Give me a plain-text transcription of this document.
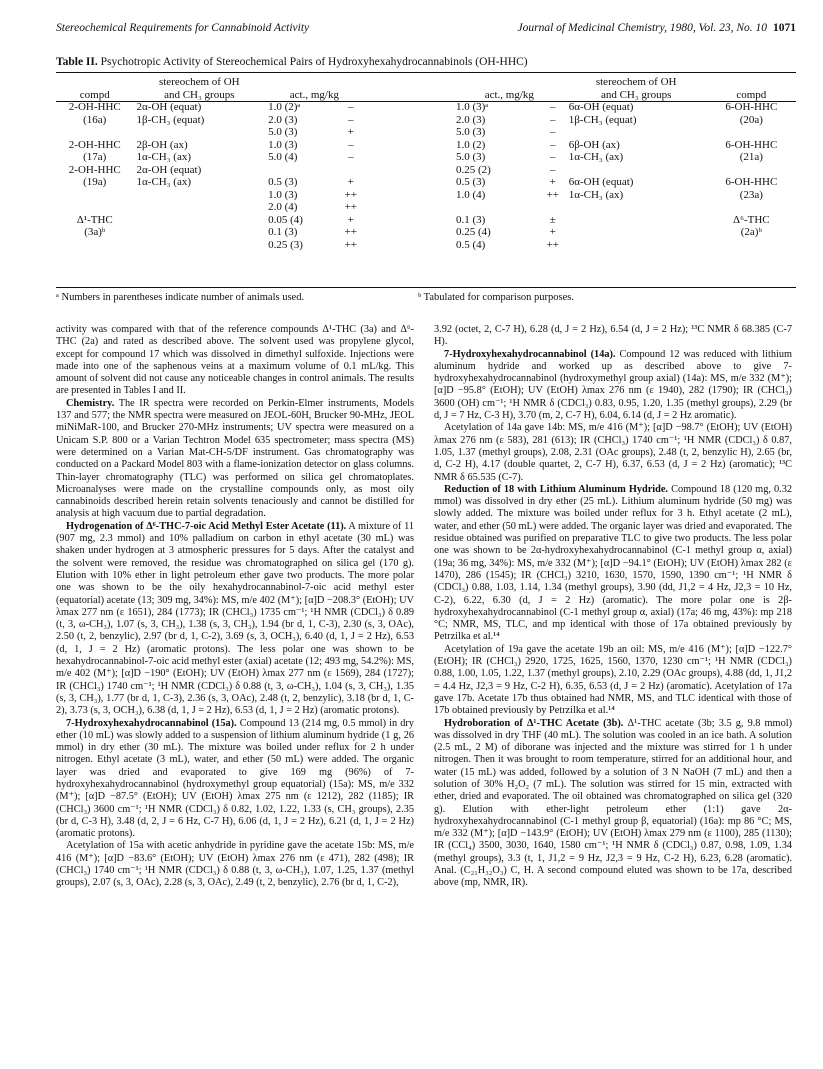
Stereochemical Requirements for Cannabinoid Activity	Journal of Medicinal Chemistry, 1980, Vol. 23, No. 10 1071
Table II. Psychotropic Activity of Stereochemical Pairs of Hydroxyhexahydrocannabinols (OH-HHC)
compd	stereochem of OH
and CH₃ groups	act., mg/kg			act., mg/kg		stereochem of OH
and CH₃ groups	compd
2-OH-HHC	2α-OH (equat)	1.0 (2)ᵃ	–		1.0 (3)ᵃ	–	6α-OH (equat)	6-OH-HHC
(16a)	1β-CH₃ (equat)	2.0 (3)	–		2.0 (3)	–	1β-CH₃ (equat)	(20a)
		5.0 (3)	+		5.0 (3)	–		
2-OH-HHC	2β-OH (ax)	1.0 (3)	–		1.0 (2)	–	6β-OH (ax)	6-OH-HHC
(17a)	1α-CH₃ (ax)	5.0 (4)	–		5.0 (3)	–	1α-CH₃ (ax)	(21a)
2-OH-HHC	2α-OH (equat)				0.25 (2)	–		
(19a)	1α-CH₃ (ax)	0.5 (3)	+		0.5 (3)	+	6α-OH (equat)	6-OH-HHC
		1.0 (3)	++		1.0 (4)	++	1α-CH₃ (ax)	(23a)
		2.0 (4)	++					
Δ¹-THC		0.05 (4)	+		0.1 (3)	±		Δ⁶-THC
(3a)ᵇ		0.1 (3)	++		0.25 (4)	+		(2a)ᵇ
		0.25 (3)	++		0.5 (4)	++		
ᵃ Numbers in parentheses indicate number of animals used.	ᵇ Tabulated for comparison purposes.

activity was compared with that of the reference compounds Δ¹-THC (3a) and Δ⁶-THC (2a) and rated as described above. The solvent used was propylene glycol, except for compound 17 which was dissolved in dimethyl sulfoxide. Injections were made into one of the saphenous veins at a maximum volume of 0.1 mL/kg. This amount of solvent did not cause any noticeable changes in control animals. The results are presented in Tables I and II.

Chemistry. The IR spectra were recorded on Perkin-Elmer instruments, Models 137 and 577; the NMR spectra were measured on JEOL-60H, Brucker 90-MHz, JEOL miNiMaR-100, and Brucker 270-MHz instruments; UV spectra were measured on a Unicam S.P. 800 or a Varian Techtron Model 635 spectrometer; mass spectra (MS) were determined on a Varian Mat-CH-5/DF instrument. Gas chromatography was conducted on a Packard Model 803 with a flame-ionization detector on glass columns. Thin-layer chromatography (TLC) was performed on silica gel chromatoplates. Microanalyses were made on the crystalline compounds only, as most oily cannabinoids described herein retain solvents tenaciously and cannot be distilled for analysis at high vacuum due to partial degradation.

Hydrogenation of Δ⁶-THC-7-oic Acid Methyl Ester Acetate (11). A mixture of 11 (907 mg, 2.3 mmol) and 10% palladium on carbon in ethyl acetate (30 mL) was shaken under hydrogen at 3 atmospheric pressures for 5 days. After the catalyst and the solvent were removed, the residue was chromatographed on silica gel (170 g). Elution with 10% ether in light petroleum ether gave two products. The more polar one was shown to be the oily hexahydrocannabinol-7-oic acid methyl ester (equatorial) acetate (13; 309 mg, 34%): MS, m/e 402 (M⁺); [α]D −208.3° (EtOH); UV λmax 277 nm (ε 1651), 284 (1773); IR (CHCl₃) 1735 cm⁻¹; ¹H NMR (CDCl₃) δ 0.89 (t, 3, ω-CH₃), 1.07 (s, 3, CH₃), 1.38 (s, 3, CH₃), 1.94 (br d, 1, C-3), 2.30 (s, 3, OAc), 2.50 (t, 2, benzylic), 2.97 (br d, 1, C-2), 3.69 (s, 3, OCH₃), 6.40 (d, 1, J = 2 Hz), 6.53 (d, 1, J = 2 Hz) (aromatic protons). The less polar one was shown to be hexahydrocannabinol-7-oic acid methyl ester (axial) acetate (12; 493 mg, 54.2%): MS, m/e 402 (M⁺); [α]D −190° (EtOH); UV (EtOH) λmax 277 nm (ε 1569), 284 (1727); IR (CHCl₃) 1740 cm⁻¹; ¹H NMR (CDCl₃) δ 0.88 (t, 3, ω-CH₃), 1.04 (s, 3, CH₃), 1.35 (s, 3, CH₃), 1.77 (br d, 1, C-3), 2.36 (s, 3, OAc), 2.48 (t, 2, benzylic), 3.18 (br d, 1, C-2), 3.73 (s, 3, OCH₃), 6.38 (d, 1, J = 2 Hz), 6.53 (d, 1, J = 2 Hz) (aromatic protons).

7-Hydroxyhexahydrocannabinol (15a). Compound 13 (214 mg, 0.5 mmol) in dry ether (10 mL) was slowly added to a suspension of lithium aluminum hydride (1 g, 26 mmol) in dry ether (30 mL). The mixture was boiled under reflux for 2 h under nitrogen. Ethyl acetate (3 mL), water, and ether (50 mL) were added. The organic layer was dried and evaporated to give 169 mg (96%) of 7-hydroxyhexahydrocannabinol (hydroxymethyl group equatorial) (15a): MS, m/e 332 (M⁺); [α]D −87.5° (EtOH); UV (EtOH) λmax 275 nm (ε 1212), 282 (1185); IR (CHCl₃) 3600 cm⁻¹; ¹H NMR (CDCl₃) δ 0.82, 1.02, 1.22, 1.33 (s, CH₃ groups), 2.35 (br d, C-3 H), 3.48 (d, 2, J = 6 Hz, C-7 H), 6.06 (d, 1, J = 2 Hz), 6.21 (d, 1, J = 2 Hz) (aromatic protons).

Acetylation of 15a with acetic anhydride in pyridine gave the acetate 15b: MS, m/e 416 (M⁺); [α]D −83.6° (EtOH); UV (EtOH) λmax 276 nm (ε 471), 282 (498); IR (CHCl₃) 1740 cm⁻¹; ¹H NMR (CDCl₃) δ 0.88 (t, 3, ω-CH₃), 1.07, 1.25, 1.37 (methyl groups), 2.07 (s, 3, OAc), 2.28 (s, 3, OAc), 2.49 (t, 2, benzylic), 2.76 (br d, 1, C-2),

3.92 (octet, 2, C-7 H), 6.28 (d, J = 2 Hz), 6.54 (d, J = 2 Hz); ¹³C NMR δ 68.385 (C-7 H).

7-Hydroxyhexahydrocannabinol (14a). Compound 12 was reduced with lithium aluminum hydride and worked up as described above to give 7-hydroxyhexahydrocannabinol (hydroxymethyl group axial) (14a): MS, m/e 332 (M⁺); [α]D −95.8° (EtOH); UV (EtOH) λmax 276 nm (ε 1940), 282 (1790); IR (CHCl₃) 3600 (OH) cm⁻¹; ¹H NMR δ (CDCl₃) 0.83, 0.95, 1.20, 1.35 (methyl groups), 2.29 (br d, J = 7 Hz, C-3 H), 3.70 (m, 2, C-7 H), 6.04, 6.14 (d, J = 2 Hz aromatic).

Acetylation of 14a gave 14b: MS, m/e 416 (M⁺); [α]D −98.7° (EtOH); UV (EtOH) λmax 276 nm (ε 583), 281 (613); IR (CHCl₃) 1740 cm⁻¹; ¹H NMR (CDCl₃) δ 0.87, 1.05, 1.37 (methyl groups), 2.08, 2.31 (OAc groups), 2.48 (t, 2, benzylic H), 2.65 (br, d, C-2 H), 4.17 (double quartet, 2, C-7 H), 6.37, 6.53 (d, J = 2 Hz) (aromatic); ¹³C NMR δ 65.535 (C-7).

Reduction of 18 with Lithium Aluminum Hydride. Compound 18 (120 mg, 0.32 mmol) was dissolved in dry ether (25 mL). Lithium aluminum hydride (50 mg) was slowly added. The mixture was boiled under reflux for 3 h. Ethyl acetate (2 mL), water, and ether (50 mL) were added. The organic layer was dried and evaporated. The residue obtained was purified on preparative TLC to give two products. The less polar one was shown to be 2α-hydroxyhexahydrocannabinol (C-1 methyl group α, axial) (19a; 36 mg, 34%): MS, m/e 332 (M⁺); [α]D −94.1° (EtOH); UV (EtOH) λmax 282 (ε 1470), 286 (1545); IR (CHCl₃) 3210, 1630, 1570, 1590, 1390 cm⁻¹; ¹H NMR δ (CDCl₃) 0.88, 1.03, 1.14, 1.34 (methyl groups), 3.90 (dd, J1,2 = 4 Hz, J2,3 = 10 Hz, C-2), 6.22, 6.30 (d, J = 2 Hz) (aromatic). The more polar one is 2β-hydroxyhexahydrocannabinol (C-1 methyl group α, axial) (17a; 46 mg, 43%): mp 218 °C; NMR, MS, TLC, and mp identical with those of 17a obtained previously by Petrzilka et al.¹⁴

Acetylation of 19a gave the acetate 19b an oil: MS, m/e 416 (M⁺); [α]D −122.7° (EtOH); IR (CHCl₃) 2920, 1725, 1625, 1560, 1370, 1230 cm⁻¹; ¹H NMR (CDCl₃) 0.88, 1.00, 1.05, 1.22, 1.37 (methyl groups), 2.10, 2.29 (OAc groups), 4.88 (dd, 1, J1,2 = 4.4 Hz, J2,3 = 9 Hz, C-2 H), 6.35, 6.53 (d, J = 2 Hz) (aromatic). Acetylation of 17a gave 17b. Acetate 17b thus obtained had NMR, MS, and TLC identical with those of 17b obtained previously by Petrzilka et al.¹⁴

Hydroboration of Δ¹-THC Acetate (3b). Δ¹-THC acetate (3b; 3.5 g, 9.8 mmol) was dissolved in dry THF (40 mL). The solution was cooled in an ice bath. A solution (2.5 mL, 2 M) of diborane was injected and the mixture was stirred for 1 h under nitrogen. Then it was brought to room temperature, stirred for an additional hour, and water (15 mL) was added, followed by a solution of 3 N NaOH (7 mL) and then a solution of 30% H₂O₂ (7 mL). The solution was stirred for 15 min, extracted with ether, dried and evaporated. The oil obtained was chromatographed on silica gel (320 g). Elution with ether-light petroleum ether (1:1) gave 2α-hydroxyhexahydrocannabinol (C-1 methyl group β, equatorial) (16a): mp 86 °C; MS, m/e 332 (M⁺); [α]D −143.9° (EtOH); UV (EtOH) λmax 279 nm (ε 1100), 285 (1130); IR (CCl₄) 3500, 3030, 1640, 1580 cm⁻¹; ¹H NMR δ (CDCl₃) 0.87, 0.98, 1.09, 1.34 (methyl groups), 3.3 (t, 1, J1,2 = 9 Hz, J2,3 = 9 Hz, C-2 H), 6.23, 6.28 (aromatic). Anal. (C₂₁H₃₂O₃) C, H. A second compound eluted was shown to be 17a, described above (mp, NMR, IR).
